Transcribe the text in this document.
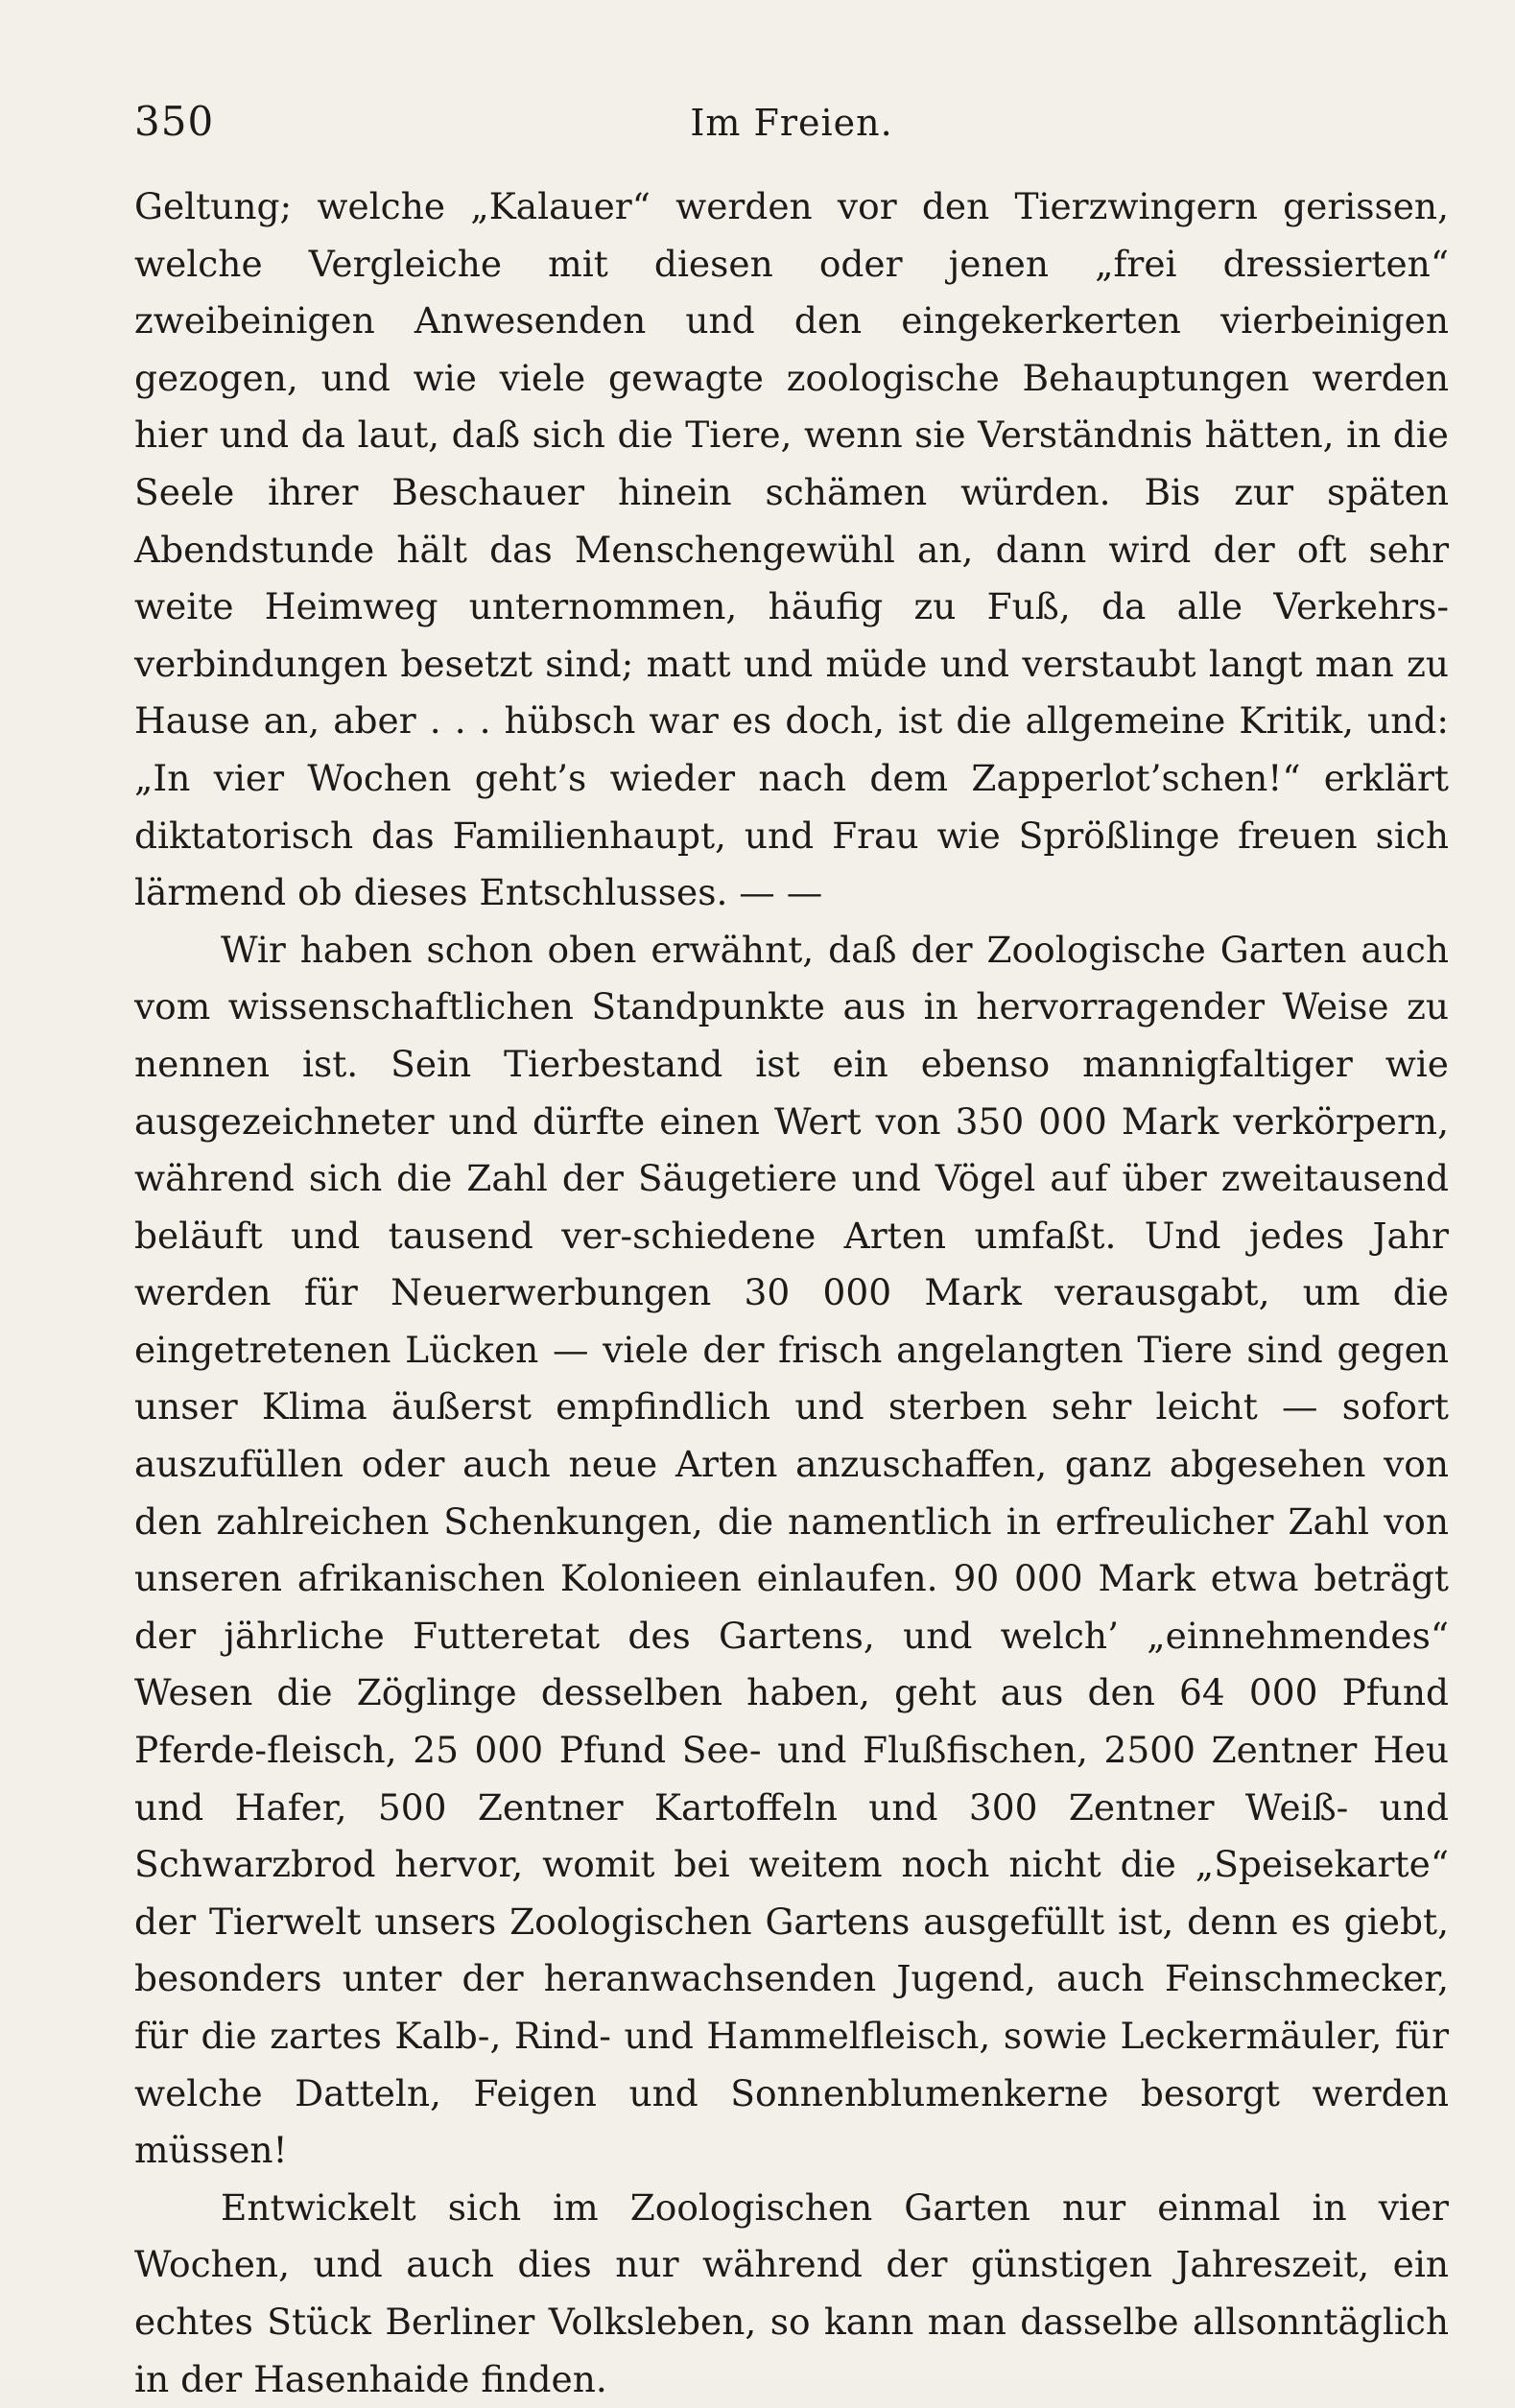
350	Im Freien.

Geltung; welche „Kalauer“ werden vor den Tierzwingern gerissen, welche Vergleiche mit diesen oder jenen „frei dressierten“ zweibeinigen Anwesenden und den eingekerkerten vierbeinigen gezogen, und wie viele gewagte zoologische Behauptungen werden hier und da laut, daß sich die Tiere, wenn sie Verständnis hätten, in die Seele ihrer Beschauer hinein schämen würden. Bis zur späten Abendstunde hält das Menschengewühl an, dann wird der oft sehr weite Heimweg unternommen, häufig zu Fuß, da alle Verkehrs-verbindungen besetzt sind; matt und müde und verstaubt langt man zu Hause an, aber . . . hübsch war es doch, ist die allgemeine Kritik, und: „In vier Wochen geht’s wieder nach dem Zapperlot’schen!“ erklärt diktatorisch das Familienhaupt, und Frau wie Sprößlinge freuen sich lärmend ob dieses Entschlusses. — —

Wir haben schon oben erwähnt, daß der Zoologische Garten auch vom wissenschaftlichen Standpunkte aus in hervorragender Weise zu nennen ist. Sein Tierbestand ist ein ebenso mannigfaltiger wie ausgezeichneter und dürfte einen Wert von 350 000 Mark verkörpern, während sich die Zahl der Säugetiere und Vögel auf über zweitausend beläuft und tausend ver-schiedene Arten umfaßt. Und jedes Jahr werden für Neuerwerbungen 30 000 Mark verausgabt, um die eingetretenen Lücken — viele der frisch angelangten Tiere sind gegen unser Klima äußerst empfindlich und sterben sehr leicht — sofort auszufüllen oder auch neue Arten anzuschaffen, ganz abgesehen von den zahlreichen Schenkungen, die namentlich in erfreulicher Zahl von unseren afrikanischen Kolonieen einlaufen. 90 000 Mark etwa beträgt der jährliche Futteretat des Gartens, und welch’ „einnehmendes“ Wesen die Zöglinge desselben haben, geht aus den 64 000 Pfund Pferde-fleisch, 25 000 Pfund See- und Flußfischen, 2500 Zentner Heu und Hafer, 500 Zentner Kartoffeln und 300 Zentner Weiß- und Schwarzbrod hervor, womit bei weitem noch nicht die „Speisekarte“ der Tierwelt unsers Zoologischen Gartens ausgefüllt ist, denn es giebt, besonders unter der heranwachsenden Jugend, auch Feinschmecker, für die zartes Kalb-, Rind- und Hammelfleisch, sowie Leckermäuler, für welche Datteln, Feigen und Sonnenblumenkerne besorgt werden müssen!

Entwickelt sich im Zoologischen Garten nur einmal in vier Wochen, und auch dies nur während der günstigen Jahreszeit, ein echtes Stück Berliner Volksleben, so kann man dasselbe allsonntäglich in der Hasenhaide finden.
